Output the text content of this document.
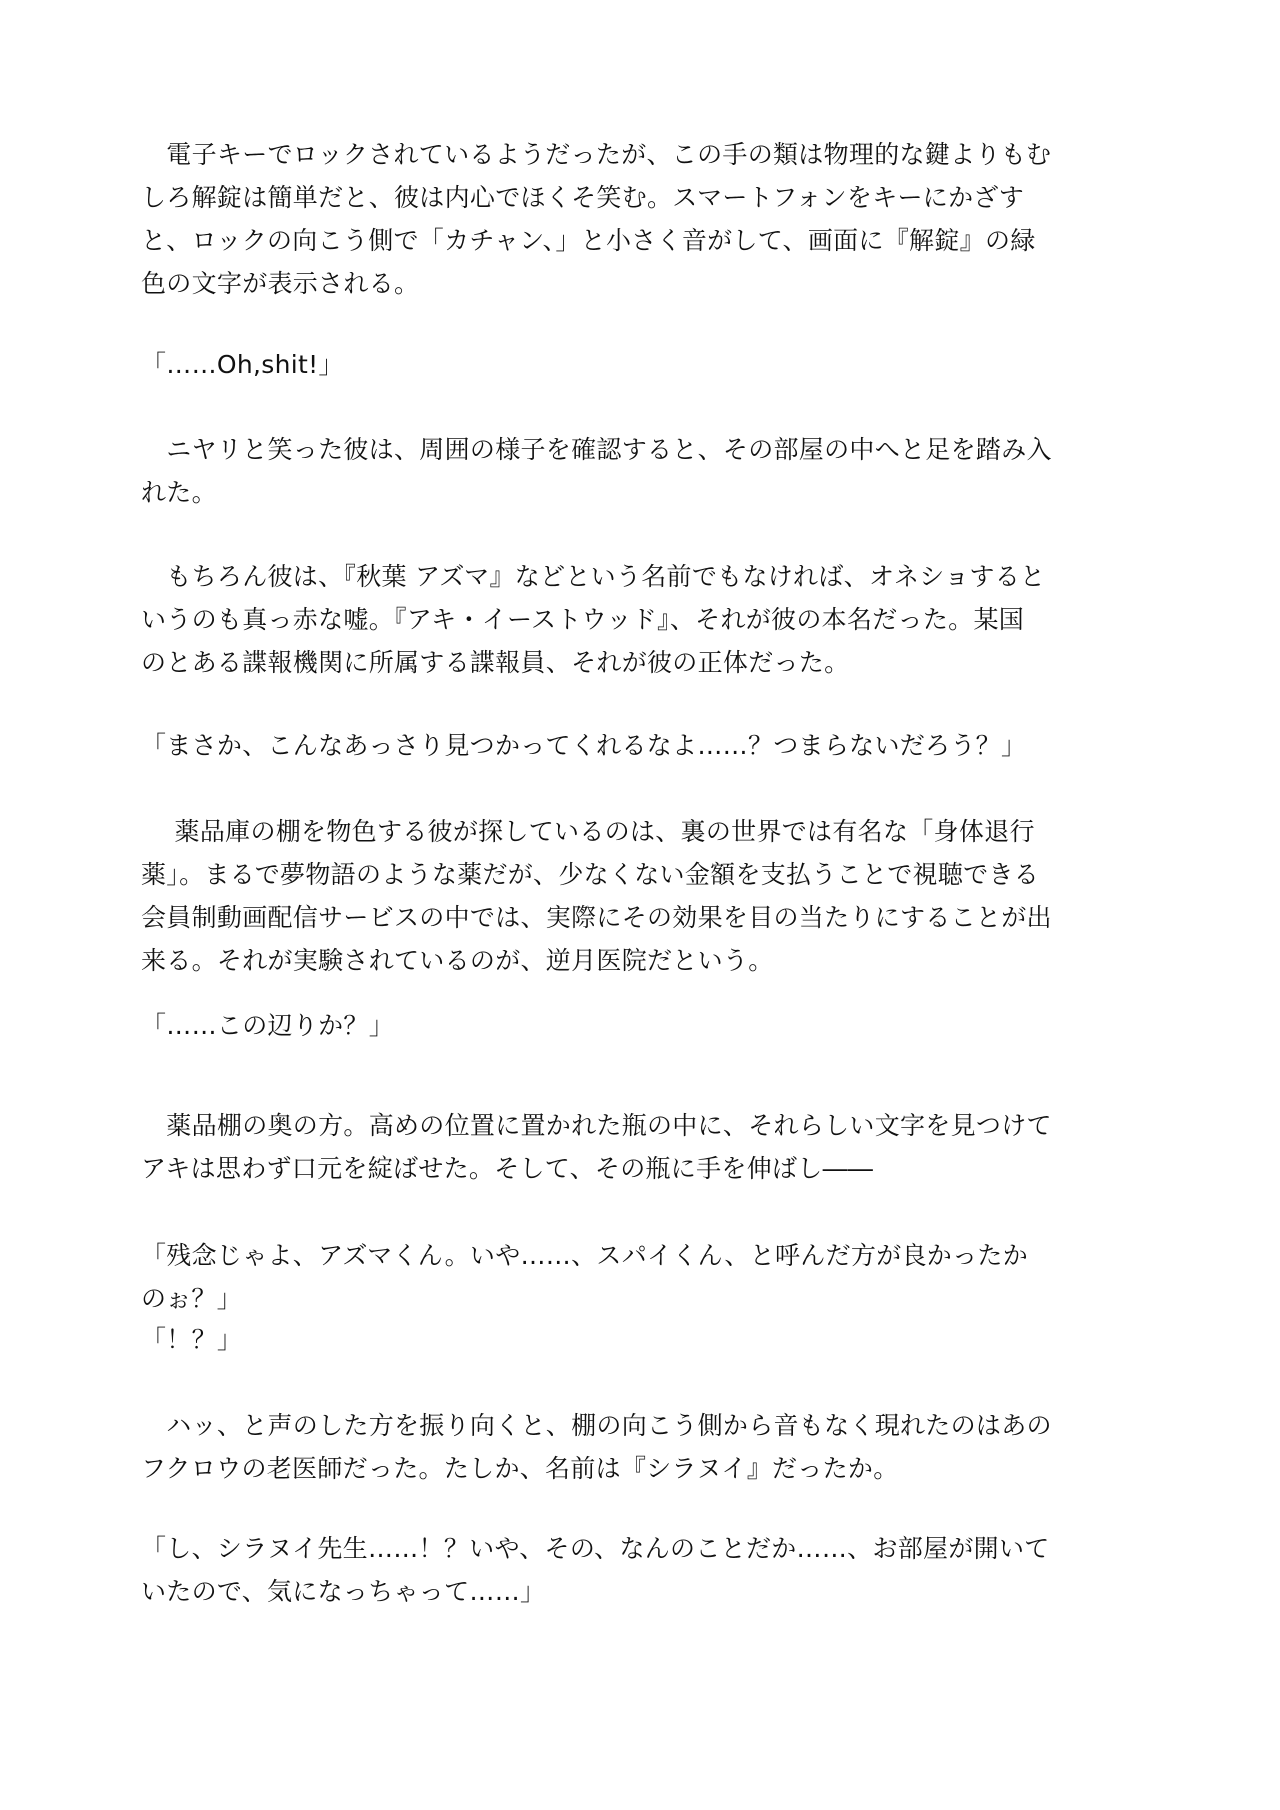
　電子キーでロックされているようだったが、この手の類は物理的な鍵よりもむ
しろ解錠は簡単だと、彼は内心でほくそ笑む。スマートフォンをキーにかざす
と、ロックの向こう側で「カチャン、」と小さく音がして、画面に『解錠』の緑
色の文字が表示される。

「……Oh,shit!」

　ニヤリと笑った彼は、周囲の様子を確認すると、その部屋の中へと足を踏み入
れた。

　もちろん彼は、『秋葉 アズマ』などという名前でもなければ、オネショすると
いうのも真っ赤な嘘。『アキ・イーストウッド』、それが彼の本名だった。某国
のとある諜報機関に所属する諜報員、それが彼の正体だった。

「まさか、こんなあっさり見つかってくれるなよ……？つまらないだろう？」

　 薬品庫の棚を物色する彼が探しているのは、裏の世界では有名な「身体退行
薬」。まるで夢物語のような薬だが、少なくない金額を支払うことで視聴できる
会員制動画配信サービスの中では、実際にその効果を目の当たりにすることが出
来る。それが実験されているのが、逆月医院だという。

「……この辺りか？」

　薬品棚の奥の方。高めの位置に置かれた瓶の中に、それらしい文字を見つけて
アキは思わず口元を綻ばせた。そして、その瓶に手を伸ばし――

「残念じゃよ、アズマくん。いや……、スパイくん、と呼んだ方が良かったか
のぉ？」

「！？」

　ハッ、と声のした方を振り向くと、棚の向こう側から音もなく現れたのはあの
フクロウの老医師だった。たしか、名前は『シラヌイ』だったか。

「し、シラヌイ先生……！？いや、その、なんのことだか……、お部屋が開いて
いたので、気になっちゃって……」
